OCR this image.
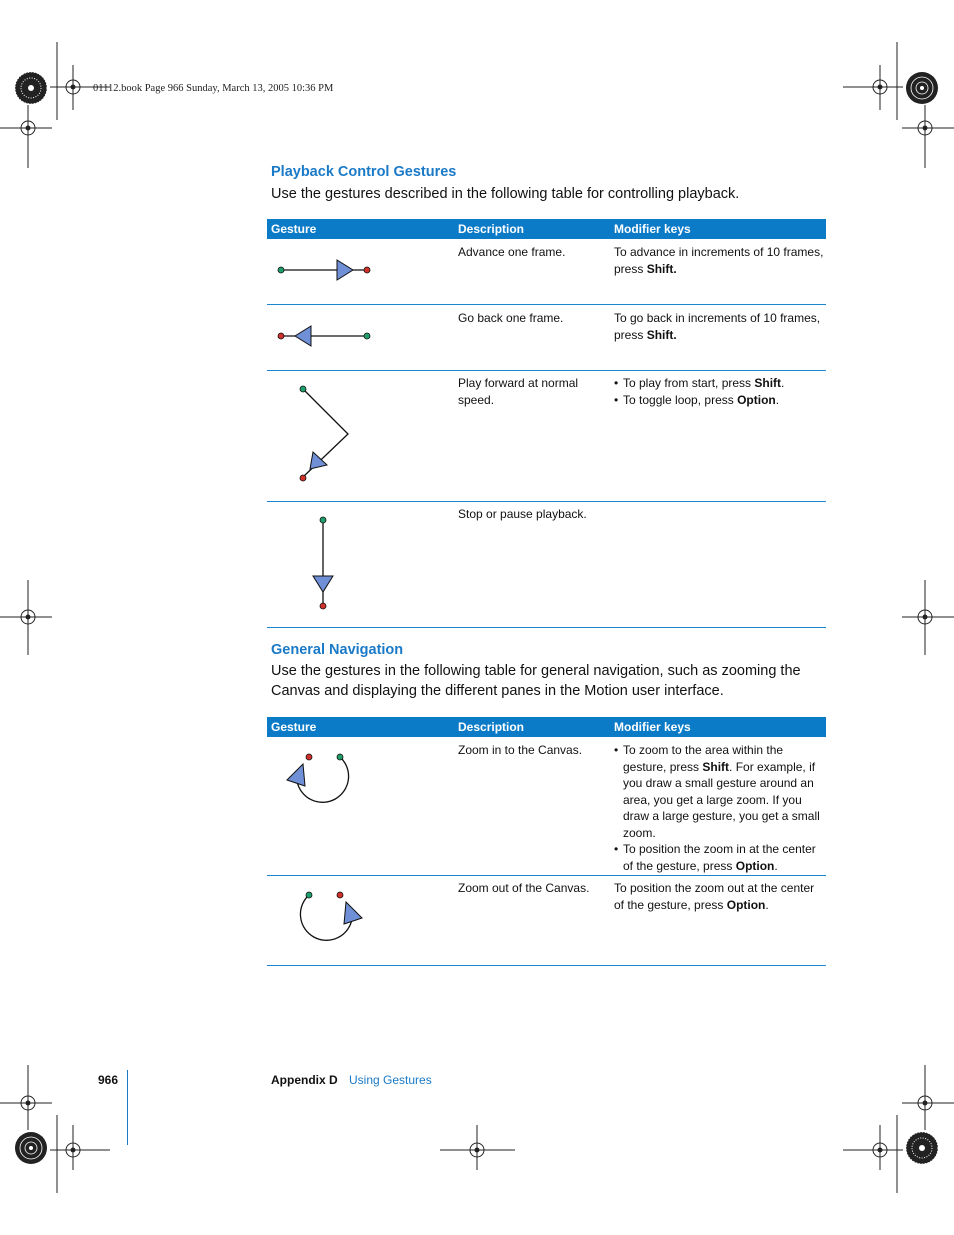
01112.book Page 966 Sunday, March 13, 2005 10:36 PM
Playback Control Gestures
Use the gestures described in the following table for controlling playback.
Gesture	Description	Modifier keys
Advance one frame.	To advance in increments of 10 frames, press Shift.
Go back one frame.	To go back in increments of 10 frames, press Shift.
Play forward at normal speed.
• To play from start, press Shift.
• To toggle loop, press Option.
Stop or pause playback.
General Navigation
Use the gestures in the following table for general navigation, such as zooming the Canvas and displaying the different panes in the Motion user interface.
Gesture	Description	Modifier keys
Zoom in to the Canvas.
•	To zoom to the area within the gesture, press Shift. For example, if you draw a small gesture around an area, you get a large zoom. If you draw a large gesture, you get a small zoom.
• To position the zoom in at the center of the gesture, press Option.
Zoom out of the Canvas.	To position the zoom out at the center of the gesture, press Option.
966	Appendix D Using Gestures
